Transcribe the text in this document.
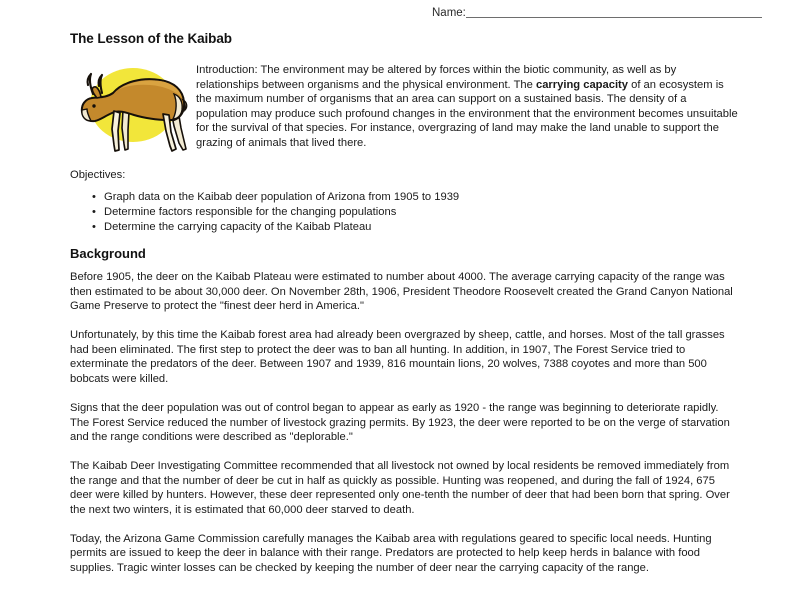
Name:
The Lesson of the Kaibab
Introduction: The environment may be altered by forces within the biotic community, as well as by relationships between organisms and the physical environment. The carrying capacity of an ecosystem is the maximum number of organisms that an area can support on a sustained basis. The density of a population may produce such profound changes in the environment that the environment becomes unsuitable for the survival of that species. For instance, overgrazing of land may make the land unable to support the grazing of animals that lived there.
Objectives:
• Graph data on the Kaibab deer population of Arizona from 1905 to 1939
• Determine factors responsible for the changing populations
• Determine the carrying capacity of the Kaibab Plateau
Background

Before 1905, the deer on the Kaibab Plateau were estimated to number about 4000. The average carrying capacity of the range was then estimated to be about 30,000 deer. On November 28th, 1906, President Theodore Roosevelt created the Grand Canyon National Game Preserve to protect the "finest deer herd in America."

Unfortunately, by this time the Kaibab forest area had already been overgrazed by sheep, cattle, and horses. Most of the tall grasses had been eliminated. The first step to protect the deer was to ban all hunting. In addition, in 1907, The Forest Service tried to exterminate the predators of the deer. Between 1907 and 1939, 816 mountain lions, 20 wolves, 7388 coyotes and more than 500 bobcats were killed.

Signs that the deer population was out of control began to appear as early as 1920 - the range was beginning to deteriorate rapidly. The Forest Service reduced the number of livestock grazing permits. By 1923, the deer were reported to be on the verge of starvation and the range conditions were described as "deplorable."

The Kaibab Deer Investigating Committee recommended that all livestock not owned by local residents be removed immediately from the range and that the number of deer be cut in half as quickly as possible. Hunting was reopened, and during the fall of 1924, 675 deer were killed by hunters. However, these deer represented only one-tenth the number of deer that had been born that spring. Over the next two winters, it is estimated that 60,000 deer starved to death.

Today, the Arizona Game Commission carefully manages the Kaibab area with regulations geared to specific local needs. Hunting permits are issued to keep the deer in balance with their range. Predators are protected to help keep herds in balance with food supplies. Tragic winter losses can be checked by keeping the number of deer near the carrying capacity of the range.
